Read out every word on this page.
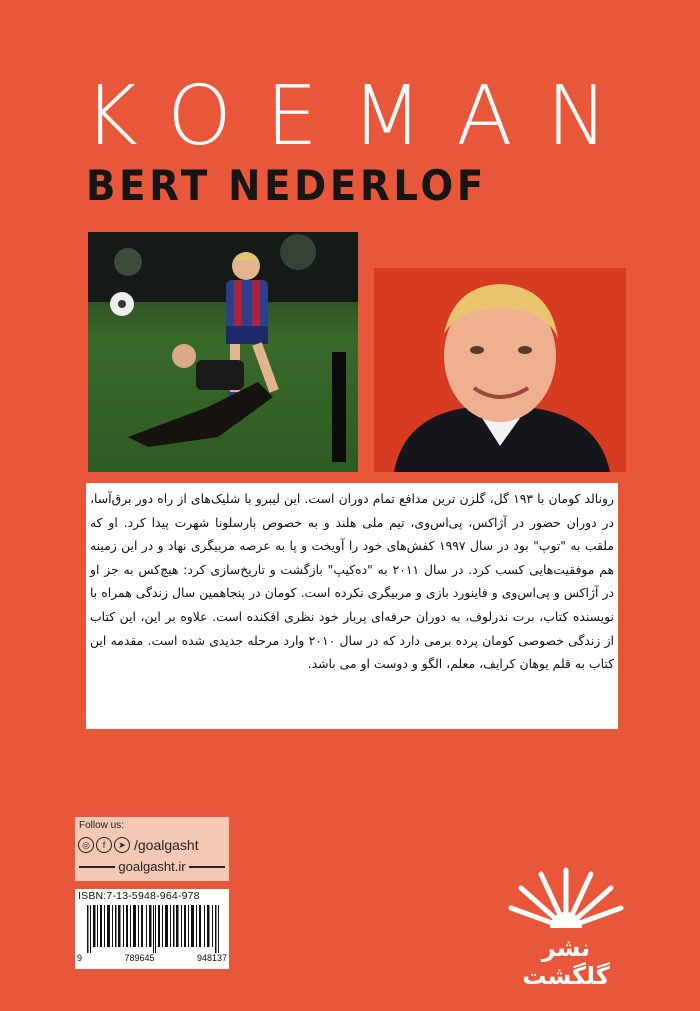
KOEMAN
BERT NEDERLOF

رونالد کومان با ۱۹۳ گل، گلزن ترین مدافع تمام دوران است. این لیبرو با شلیک‌های از راه دور برق‌آسا، در دوران حضور در آژاکس، پی‌اس‌وی، تیم ملی هلند و به خصوص بارسلونا شهرت پیدا کرد. او که ملقب به "توپ" بود در سال ۱۹۹۷ کفش‌های خود را آویخت و پا به عرصه مربیگری نهاد و در این زمینه هم موفقیت‌هایی کسب کرد. در سال ۲۰۱۱ به "ده‌کیپ" بازگشت و تاریخ‌سازی کرد: هیچ‌کس به جز او در آژاکس و پی‌اس‌وی و فاینورد بازی و مربیگری نکرده است. کومان در پنجاهمین سال زندگی همراه با نویسنده کتاب، برت ندرلوف، به دوران حرفه‌ای پربار خود نظری افکنده است. علاوه بر این، این کتاب از زندگی خصوصی کومان پرده برمی دارد که در سال ۲۰۱۰ وارد مرحله جدیدی شده است. مقدمه این کتاب به قلم یوهان کرایف، معلم، الگو و دوست او می باشد.

Follow us:
◎	f	➤ /goalgasht
goalgasht.ir
ISBN:7-13-5948-964-978
9	789645	948137	نشر گلگشت
